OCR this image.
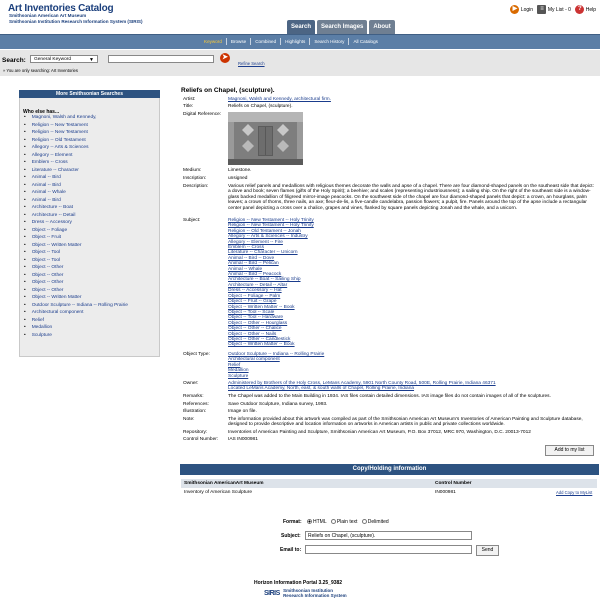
Art Inventories Catalog
Smithsonian American Art Museum
Smithsonian Institution Research Information System (SIRIS)
▶ Login ≡ My List - 0 ? Help
Search	Search Images	About
Keyword	Browse	Combined	Highlights	Search History	All Catalogs
Search:	General Keyword	▼	➤
Refine Search
» You are only searching: Art Inventories
More Smithsonian Searches
Who else has...
• Magnoni, Walsh and Kennedy,
• Religion -- New Testament
• Religion -- New Testament
• Religion -- Old Testament
• Allegory -- Arts & Sciences
• Allegory -- Element
• Emblem -- Cross
• Literature -- Character
• Animal -- Bird
• Animal -- Bird
• Animal -- Whale
• Animal -- Bird
• Architecture -- Boat
• Architecture -- Detail
• Dress -- Accessory
• Object -- Foliage
• Object -- Fruit
• Object -- Written Matter
• Object -- Tool
• Object -- Tool
• Object -- Other
• Object -- Other
• Object -- Other
• Object -- Other
• Object -- Written Matter
• Outdoor Sculpture -- Indiana -- Rolling Prairie
• Architectural component
• Relief
• Medallion
• Sculpture
Reliefs on Chapel, (sculpture).
Artist:	Magnoni, Walsh and Kennedy, architectural firm.
Title:	Reliefs on Chapel, (sculpture).
Digital Reference:
Medium:	Limestone.
Inscription:	unsigned
Description:	Various relief panels and medallions with religious themes decorate the walls and apse of a chapel. There are four diamond-shaped panels on the southeast side that depict: a dove and book; seven flames (gifts of the Holy Spirit); a beehive; and scales (representing industriousness); a sailing ship. On the right of the southeast side is a window-glass backed medallion of filigreed mirror-image peacocks. On the southwest side of the chapel are four diamond-shaped panels that depict: a crown, an hourglass, palm leaves; a crown of thorns, three nails, an axe; fleur-de-lis, a five-candle candelabra, passion flowers; a pulpit, fire. Panels around the top of the apse include a rectangular center panel depicting a cross over a chalice, grapes and vines, flanked by square panels depicting Jonah and the whale, and a unicorn.
Subject:	Religion -- New Testament -- Holy Trinity
Religion -- New Testament -- Holy Trinity
Religion -- Old Testament -- Jonah
Allegory -- Arts & Sciences -- Industry
Allegory -- Element -- Fire
Emblem -- Cross
Literature -- Character -- Unicorn
Animal -- Bird -- Dove
Animal -- Bird -- Pelican
Animal -- Whale
Animal -- Bird -- Peacock
Architecture -- Boat -- Sailing Ship
Architecture -- Detail -- Altar
Dress -- Accessory -- Hat
Object -- Foliage -- Palm
Object -- Fruit -- Grape
Object -- Written Matter -- Book
Object -- Tool -- Scale
Object -- Tool -- Hardware
Object -- Other -- Hourglass
Object -- Other -- Chalice
Object -- Other -- Nails
Object -- Other -- Candlestick
Object -- Written Matter -- Book
Object Type:	Outdoor Sculpture -- Indiana -- Rolling Prairie
Architectural component
Relief
Medallion
Sculpture
Owner:	Administered by Brothers of the Holy Cross, LeMans Academy, 5901 North County Road, 500E, Rolling Prairie, Indiana 46371
Located LeMans Academy, North, east, & south walls of Chapel, Rolling Prairie, Indiana
Remarks:	The Chapel was added to the Main Building in 1934. IAS files contain detailed dimensions. IAS image files do not contain images of all of the sculptures.
References:	Save Outdoor Sculpture, Indiana survey, 1993.
Illustration:	Image on file.
Note:	The information provided about this artwork was compiled as part of the Smithsonian American Art Museum's Inventories of American Painting and Sculpture database, designed to provide descriptive and location information on artworks in American artists in public and private collections worldwide.
Repository:	Inventories of American Painting and Sculpture, Smithsonian American Art Museum, P.O. Box 37012, MRC 970, Washington, D.C. 20013-7012
Control Number: IAS IN000981
Add to my list
Copy/Holding information
Smithsonian AmericanArt Museum	Control Number
Inventory of American Sculpture	IN000981	Add Copy to MyList
Format:	HTML Plain text Delimited
Subject:	Reliefs on Chapel, (sculpture).
Email to:	Send
Horizon Information Portal 3.25_9382
SIRIS Smithsonian Institution
Research Information System
